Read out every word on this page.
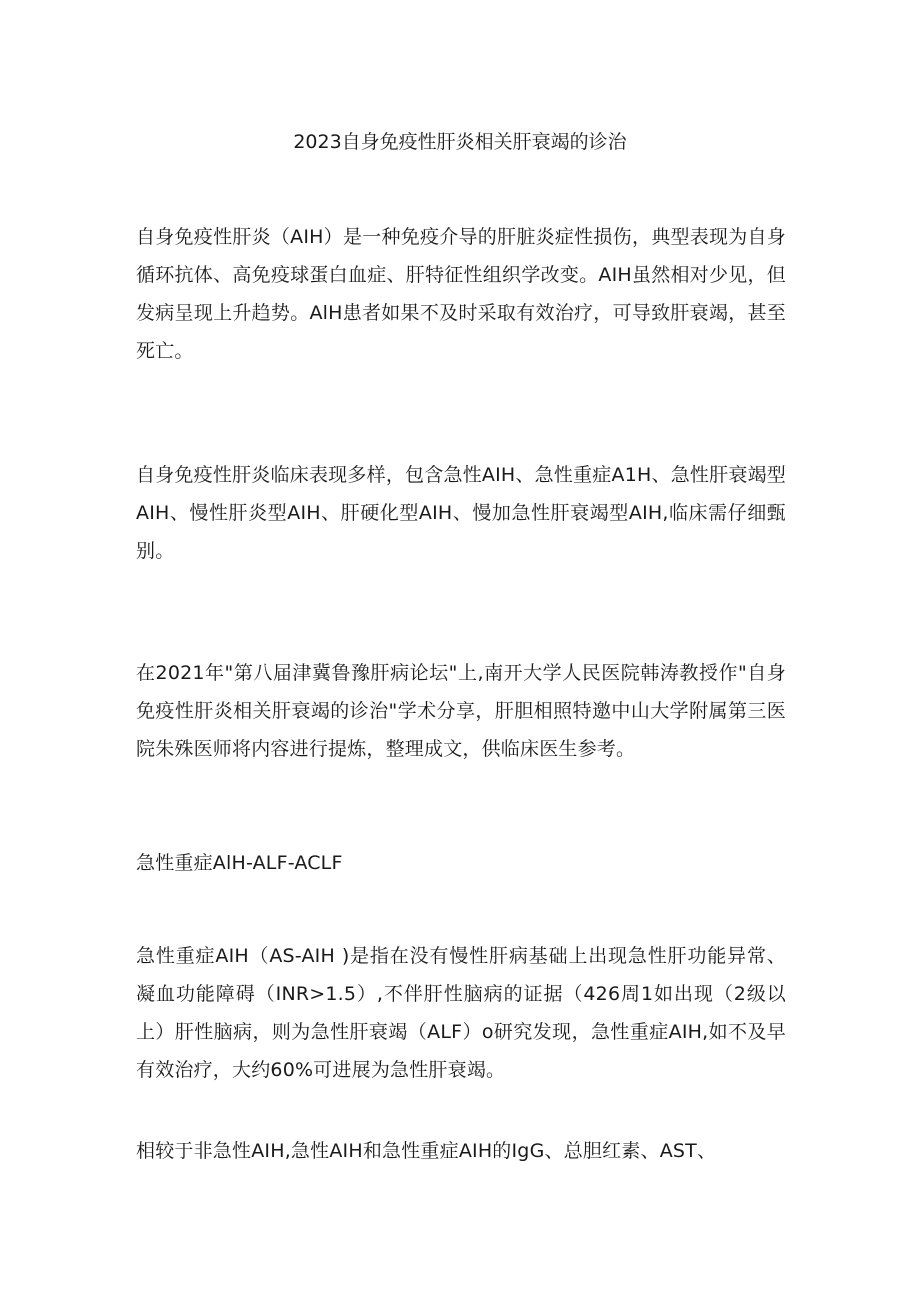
2023自身免疫性肝炎相关肝衰竭的诊治

自身免疫性肝炎（AIH）是一种免疫介导的肝脏炎症性损伤，典型表现为自身循环抗体、高免疫球蛋白血症、肝特征性组织学改变。AIH虽然相对少见，但发病呈现上升趋势。AlH患者如果不及时采取有效治疗，可导致肝衰竭，甚至死亡。

自身免疫性肝炎临床表现多样，包含急性AIH、急性重症A1H、急性肝衰竭型AIH、慢性肝炎型AIH、肝硬化型AIH、慢加急性肝衰竭型AIH,临床需仔细甄别。

在2021年"第八届津冀鲁豫肝病论坛"上,南开大学人民医院韩涛教授作"自身免疫性肝炎相关肝衰竭的诊治"学术分享，肝胆相照特邀中山大学附属第三医院朱殊医师将内容进行提炼，整理成文，供临床医生参考。

急性重症AlH-ALF-ACLF

急性重症AIH（AS-AIH )是指在没有慢性肝病基础上出现急性肝功能异常、凝血功能障碍（INR>1.5）,不伴肝性脑病的证据（426周1如出现（2级以上）肝性脑病，则为急性肝衰竭（ALF）o研究发现，急性重症AIH,如不及早有效治疗，大约60%可进展为急性肝衰竭。

相较于非急性AIH,急性AIH和急性重症AIH的IgG、总胆红素、AST、
